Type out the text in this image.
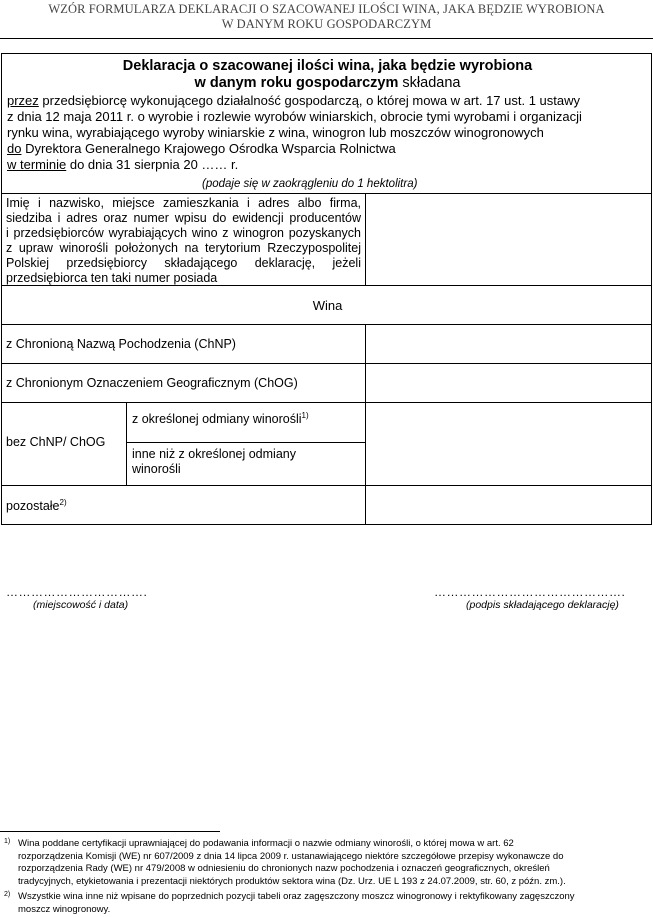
WZÓR FORMULARZA DEKLARACJI O SZACOWANEJ ILOŚCI WINA, JAKA BĘDZIE WYROBIONA
W DANYM ROKU GOSPODARCZYM
Deklaracja o szacowanej ilości wina, jaka będzie wyrobiona
w danym roku gospodarczym składana
przez przedsiębiorcę wykonującego działalność gospodarczą, o której mowa w art. 17 ust. 1 ustawy
z dnia 12 maja 2011 r. o wyrobie i rozlewie wyrobów winiarskich, obrocie tymi wyrobami i organizacji
rynku wina, wyrabiającego wyroby winiarskie z wina, winogron lub moszczów winogronowych
do Dyrektora Generalnego Krajowego Ośrodka Wsparcia Rolnictwa
w terminie do dnia 31 sierpnia 20 …… r.
(podaje się w zaokrągleniu do 1 hektolitra)
Imię i nazwisko, miejsce zamieszkania i adres albo firma,
siedziba i adres oraz numer wpisu do ewidencji producentów
i przedsiębiorców wyrabiających wino z winogron pozyskanych
z upraw winorośli położonych na terytorium Rzeczypospolitej
Polskiej przedsiębiorcy składającego deklarację, jeżeli
przedsiębiorca ten taki numer posiada
Wina
z Chronioną Nazwą Pochodzenia (ChNP)
z Chronionym Oznaczeniem Geograficznym (ChOG)
bez ChNP/ ChOG
z określonej odmiany winorośli$^{1)}$
inne niż z określonej odmiany
winorośli
pozostałe$^{2)}$
…………………………….
(miejscowość i data)
……………………………………….
(podpis składającego deklarację)
1) Wina poddane certyfikacji uprawniającej do podawania informacji o nazwie odmiany winorośli, o której mowa w art. 62
rozporządzenia Komisji (WE) nr 607/2009 z dnia 14 lipca 2009 r. ustanawiającego niektóre szczegółowe przepisy wykonawcze do
rozporządzenia Rady (WE) nr 479/2008 w odniesieniu do chronionych nazw pochodzenia i oznaczeń geograficznych, określeń
tradycyjnych, etykietowania i prezentacji niektórych produktów sektora wina (Dz. Urz. UE L 193 z 24.07.2009, str. 60, z późn. zm.).
2) Wszystkie wina inne niż wpisane do poprzednich pozycji tabeli oraz zagęszczony moszcz winogronowy i rektyfikowany zagęszczony
moszcz winogronowy.
